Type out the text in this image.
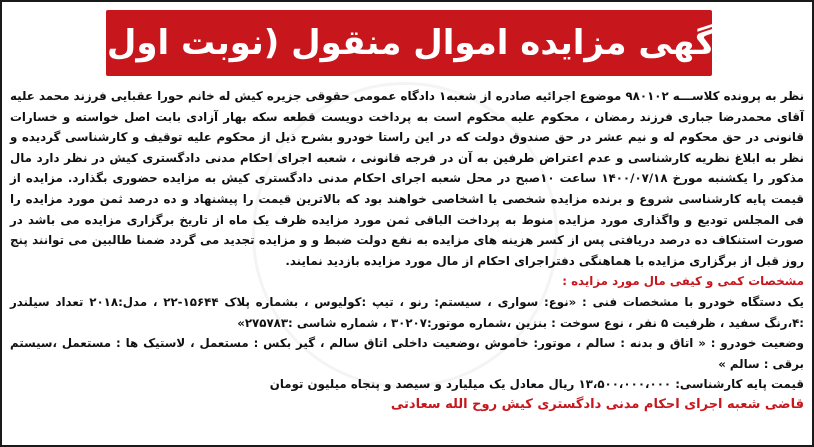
آگهی مزایده اموال منقول (نوبت اول)

نظر به پرونده کلاســـه ۹۸۰۱۰۲ موضوع اجرائیه صادره از شعبه۱ دادگاه عمومی حقوقی جزیره کیش له خانم حورا عقبایی فرزند محمد علیه آقای محمدرضا جباری فرزند رمضان ، محکوم علیه محکوم است به پرداخت دویست قطعه سکه بهار آزادی بابت اصل خواسته و خسارات قانونی در حق محکوم له و نیم عشر در حق صندوق دولت که در این راستا خودرو بشرح ذیل از محکوم علیه توقیف و کارشناسی گردیده و نظر به ابلاغ نظریه کارشناسی و عدم اعتراض طرفین به آن در فرجه قانونی ، شعبه اجرای احکام مدنی دادگستری کیش در نظر دارد مال مذکور را یکشنبه مورخ ۱۴۰۰/۰۷/۱۸ ساعت ۱۰صبح در محل شعبه اجرای احکام مدنی دادگستری کیش به مزایده حضوری بگذارد. مزایده از قیمت پایه کارشناسی شروع و برنده مزایده شخصی یا اشخاصی خواهند بود که بالاترین قیمت را پیشنهاد و ده درصد ثمن مورد مزایده را فی المجلس تودیع و واگذاری مورد مزایده منوط به پرداخت الباقی ثمن مورد مزایده ظرف یک ماه از تاریخ برگزاری مزایده می باشد در صورت استنکاف ده درصد دریافتی پس از کسر هزینه های مزایده به نفع دولت ضبط و و مزایده تجدید می گردد ضمنا طالبین می توانند پنج روز قبل از برگزاری مزایده با هماهنگی دفتراجرای احکام از مال مورد مزایده بازدید نمایند.

مشخصات کمی و کیفی مال مورد مزایده :

یک دستگاه خودرو با مشخصات فنی : «نوع: سواری ، سیستم: رنو ، تیپ :کولیوس ، بشماره پلاک ۱۵۶۴۴-۲۲ ، مدل:۲۰۱۸ تعداد سیلندر :۴،رنگ سفید ، ظرفیت ۵ نفر ، نوع سوخت : بنزین ،شماره موتور:۳۰۲۰۷ ، شماره شاسی :۲۷۵۷۸۳»

وضعیت خودرو : « اتاق و بدنه : سالم ، موتور: خاموش ،وضعیت داخلی اتاق سالم ، گیر بکس : مستعمل ، لاستیک ها : مستعمل ،سیستم برقی : سالم »

قیمت پایه کارشناسی: ۱۳،۵۰۰،۰۰۰،۰۰۰ ریال معادل یک میلیارد و سیصد و پنجاه میلیون تومان

قاضی شعبه اجرای احکام مدنی دادگستری کیش روح الله سعادتی
